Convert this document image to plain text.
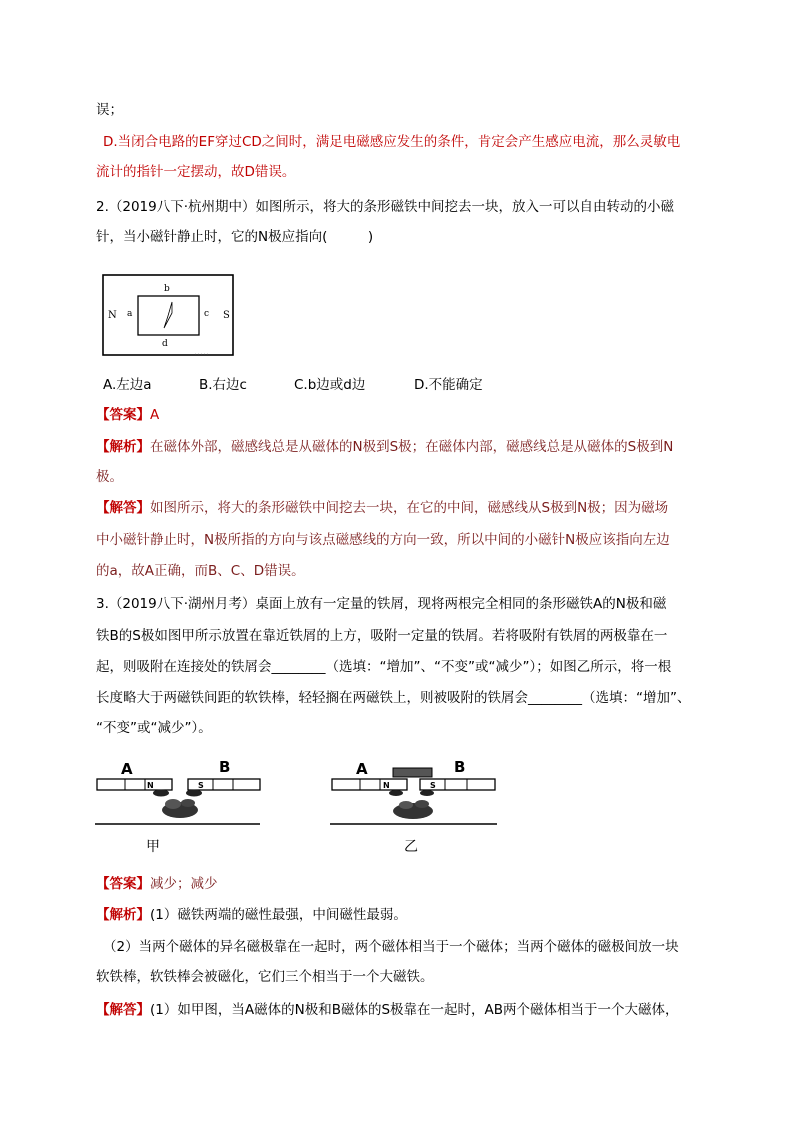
误；
D.当闭合电路的EF穿过CD之间时，满足电磁感应发生的条件，肯定会产生感应电流，那么灵敏电
流计的指针一定摆动，故D错误。
2.（2019八下·杭州期中）如图所示，将大的条形磁铁中间挖去一块，放入一可以自由转动的小磁
针，当小磁针静止时，它的N极应指向(　　　)
N	S
a
b
c
d
A.左边a	B.右边c	C.b边或d边	D.不能确定
【答案】A
【解析】在磁体外部，磁感线总是从磁体的N极到S极；在磁体内部，磁感线总是从磁体的S极到N
极。
【解答】如图所示，将大的条形磁铁中间挖去一块，在它的中间，磁感线从S极到N极；因为磁场
中小磁针静止时，N极所指的方向与该点磁感线的方向一致，所以中间的小磁针N极应该指向左边
的a，故A正确，而B、C、D错误。
3.（2019八下·湖州月考）桌面上放有一定量的铁屑，现将两根完全相同的条形磁铁A的N极和磁
铁B的S极如图甲所示放置在靠近铁屑的上方，吸附一定量的铁屑。若将吸附有铁屑的两极靠在一
起，则吸附在连接处的铁屑会________（选填：“增加”、“不变”或“减少”）；如图乙所示，将一根
长度略大于两磁铁间距的软铁棒，轻轻搁在两磁铁上，则被吸附的铁屑会________（选填：“增加”、
“不变”或“减少”）。
A	B
N	S
甲
A	B
N	S
乙
【答案】减少；减少
【解析】(1）磁铁两端的磁性最强，中间磁性最弱。
（2）当两个磁体的异名磁极靠在一起时，两个磁体相当于一个磁体；当两个磁体的磁极间放一块
软铁棒，软铁棒会被磁化，它们三个相当于一个大磁铁。
【解答】(1）如甲图，当A磁体的N极和B磁体的S极靠在一起时，AB两个磁体相当于一个大磁体，
